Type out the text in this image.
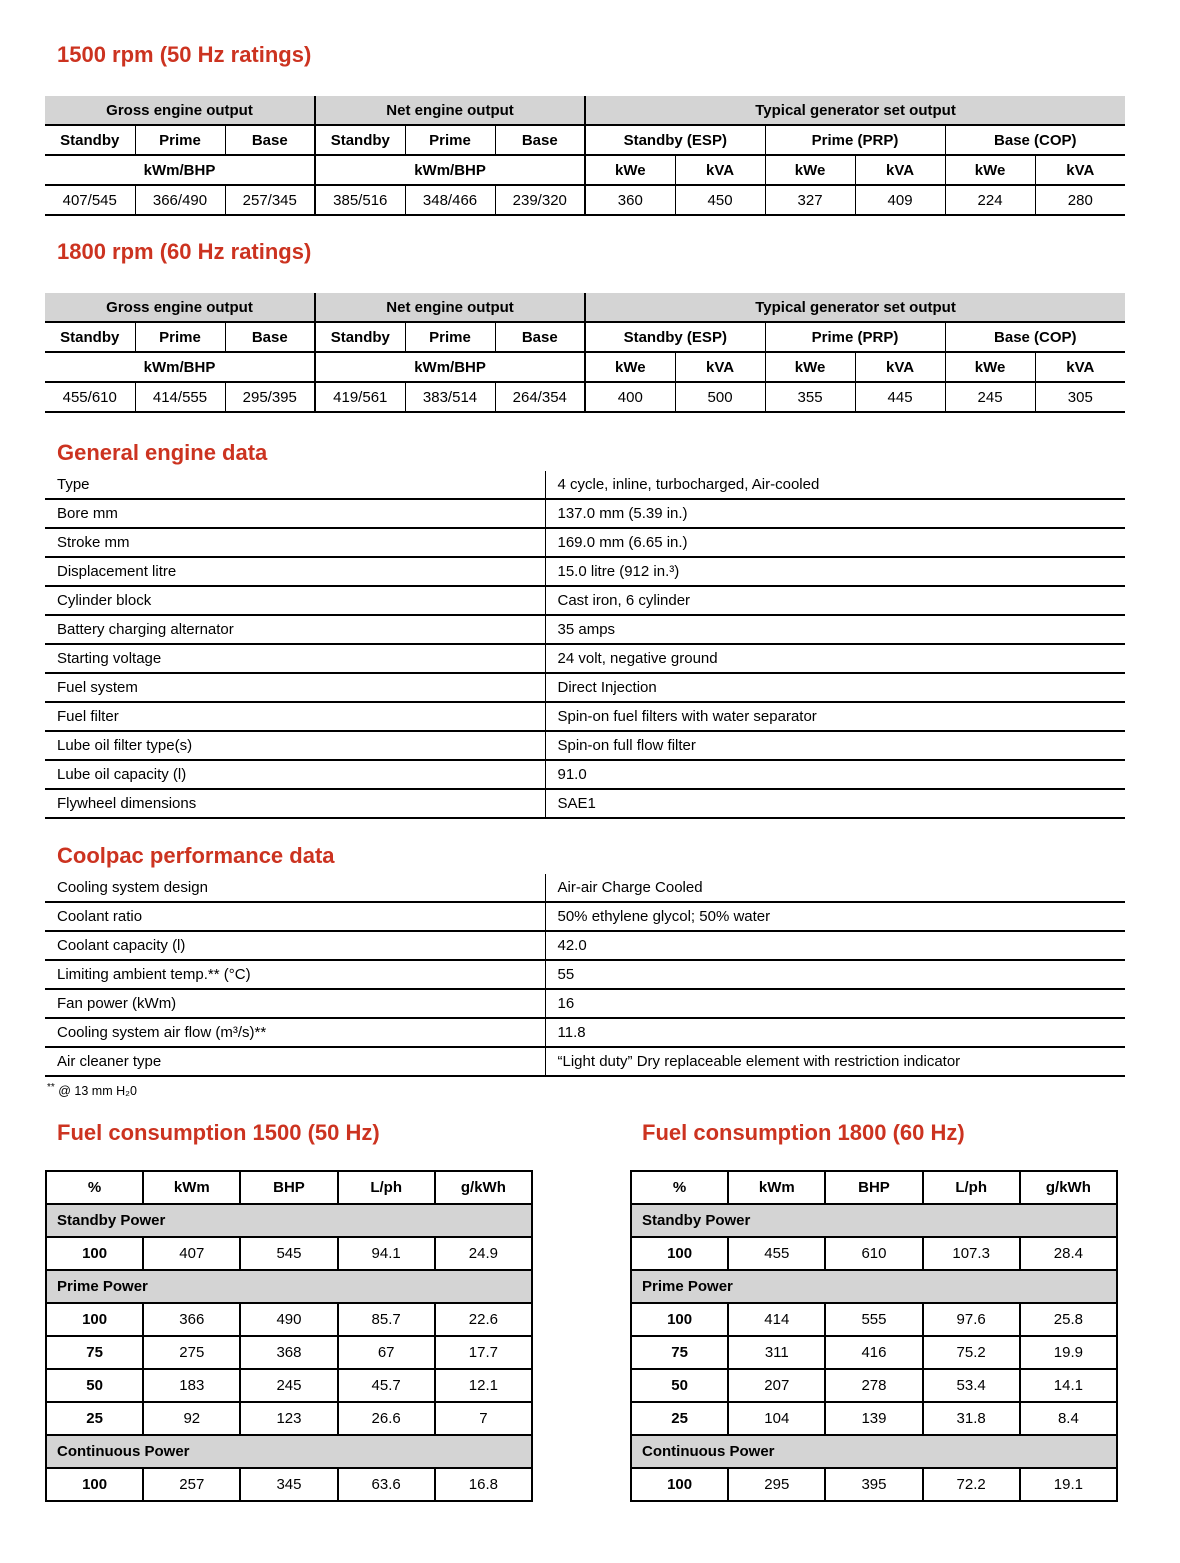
1500 rpm (50 Hz ratings)
Gross engine output			Net engine output			Typical generator set output					
Standby	Prime	Base	Standby	Prime	Base	Standby (ESP)		Prime (PRP)		Base (COP)	
kWm/BHP			kWm/BHP			kWe	kVA	kWe	kVA	kWe	kVA
407/545	366/490	257/345	385/516	348/466	239/320	360	450	327	409	224	280
1800 rpm (60 Hz ratings)
Gross engine output			Net engine output			Typical generator set output					
Standby	Prime	Base	Standby	Prime	Base	Standby (ESP)		Prime (PRP)		Base (COP)	
kWm/BHP			kWm/BHP			kWe	kVA	kWe	kVA	kWe	kVA
455/610	414/555	295/395	419/561	383/514	264/354	400	500	355	445	245	305
General engine data
Type	4 cycle, inline, turbocharged, Air-cooled
Bore mm	137.0 mm (5.39 in.)
Stroke mm	169.0 mm (6.65 in.)
Displacement litre	15.0 litre (912 in.³)
Cylinder block	Cast iron, 6 cylinder
Battery charging alternator	35 amps
Starting voltage	24 volt, negative ground
Fuel system	Direct Injection
Fuel filter	Spin-on fuel filters with water separator
Lube oil filter type(s)	Spin-on full flow filter
Lube oil capacity (l)	91.0
Flywheel dimensions	SAE1
Coolpac performance data
Cooling system design	Air-air Charge Cooled
Coolant ratio	50% ethylene glycol; 50% water
Coolant capacity (l)	42.0
Limiting ambient temp.** (°C)	55
Fan power (kWm)	16
Cooling system air flow (m³/s)**	11.8
Air cleaner type	“Light duty” Dry replaceable element with restriction indicator
** @ 13 mm H₂0
Fuel consumption 1500 (50 Hz)
%	kWm	BHP	L/ph	g/kWh
Standby Power				
100	407	545	94.1	24.9
Prime Power				
100	366	490	85.7	22.6
75	275	368	67	17.7
50	183	245	45.7	12.1
25	92	123	26.6	7
Continuous Power				
100	257	345	63.6	16.8
Fuel consumption 1800 (60 Hz)
%	kWm	BHP	L/ph	g/kWh
Standby Power				
100	455	610	107.3	28.4
Prime Power				
100	414	555	97.6	25.8
75	311	416	75.2	19.9
50	207	278	53.4	14.1
25	104	139	31.8	8.4
Continuous Power				
100	295	395	72.2	19.1
